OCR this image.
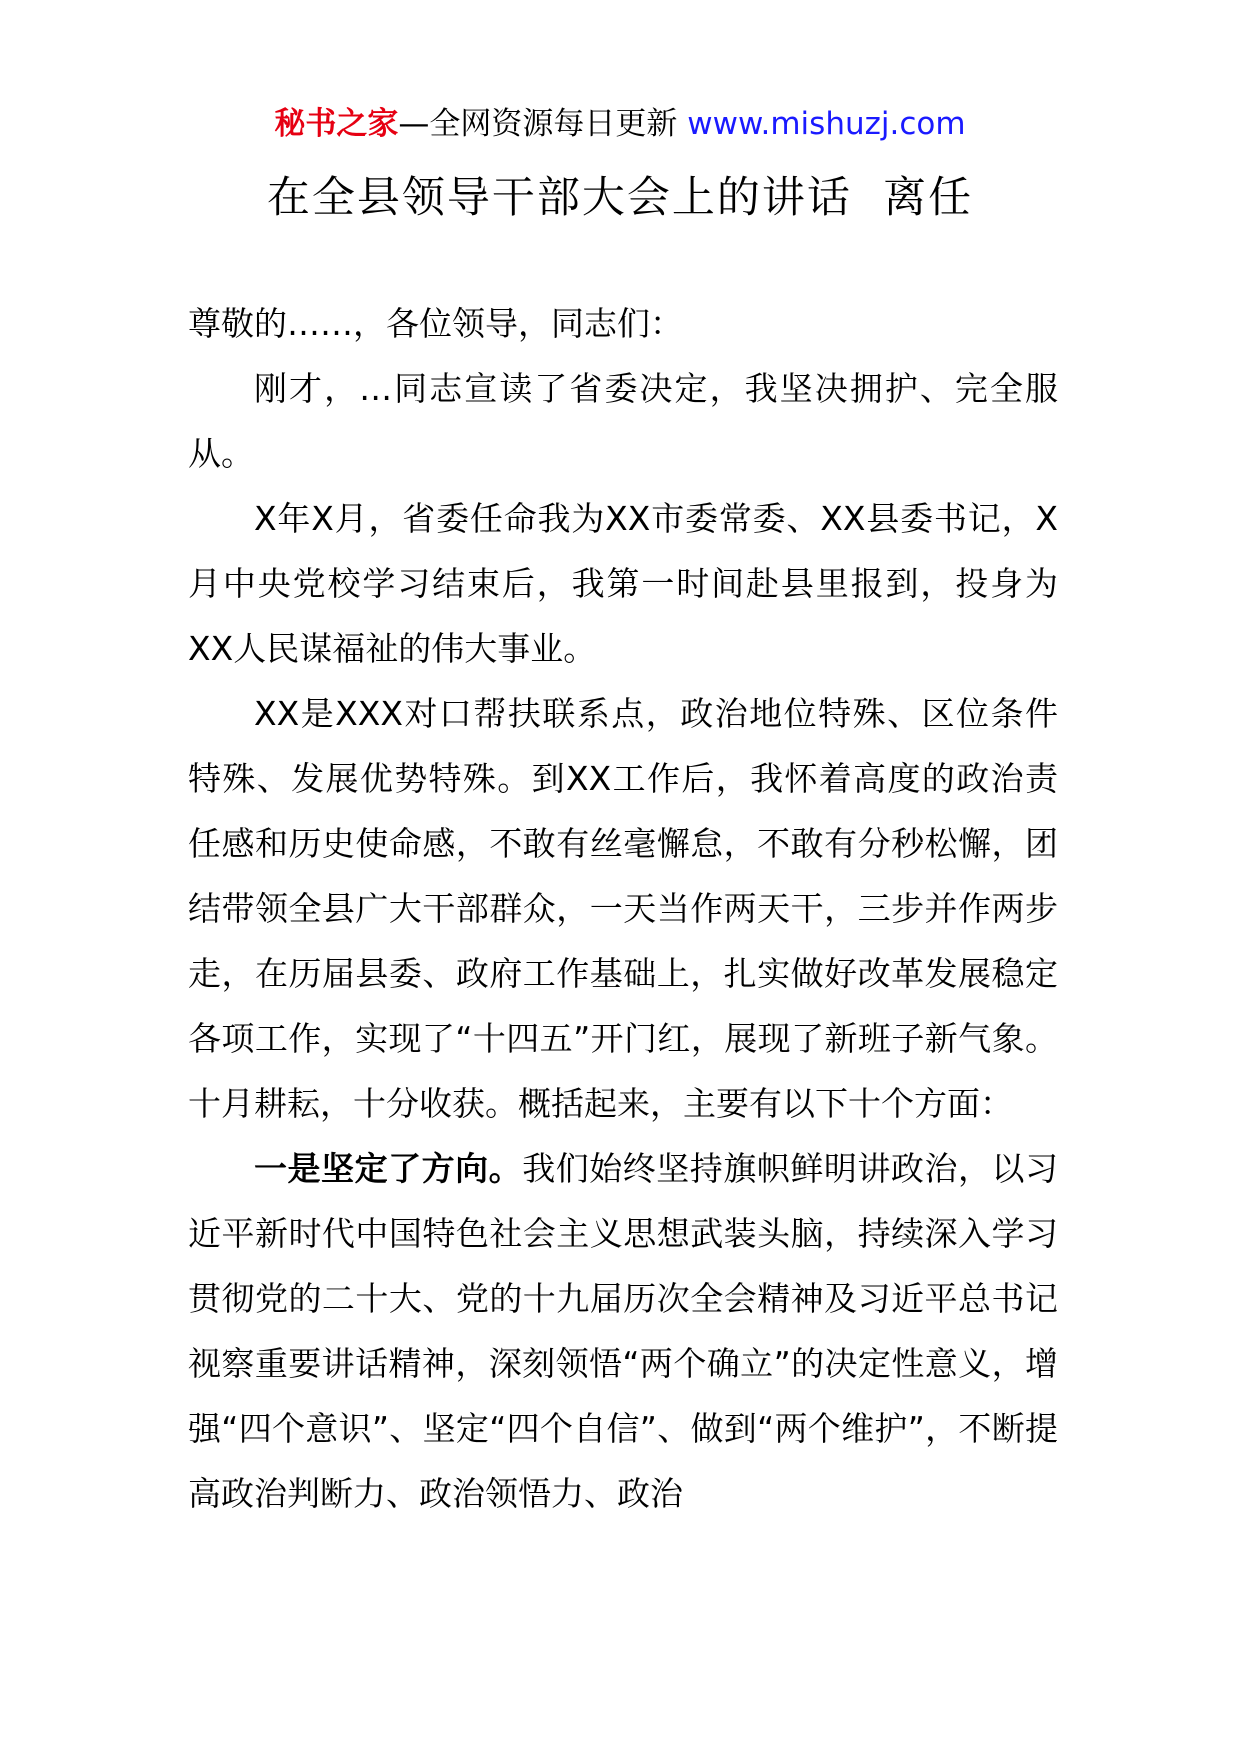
秘书之家—全网资源每日更新 www.mishuzj.com
在全县领导干部大会上的讲话  离任

尊敬的……，各位领导，同志们：

刚才，…同志宣读了省委决定，我坚决拥护、完全服从。

X年X月，省委任命我为XX市委常委、XX县委书记，X月中央党校学习结束后，我第一时间赴县里报到，投身为XX人民谋福祉的伟大事业。

XX是XXX对口帮扶联系点，政治地位特殊、区位条件特殊、发展优势特殊。到XX工作后，我怀着高度的政治责任感和历史使命感，不敢有丝毫懈怠，不敢有分秒松懈，团结带领全县广大干部群众，一天当作两天干，三步并作两步走，在历届县委、政府工作基础上，扎实做好改革发展稳定各项工作，实现了“十四五”开门红，展现了新班子新气象。十月耕耘，十分收获。概括起来，主要有以下十个方面：

一是坚定了方向。我们始终坚持旗帜鲜明讲政治，以习近平新时代中国特色社会主义思想武装头脑，持续深入学习贯彻党的二十大、党的十九届历次全会精神及习近平总书记视察重要讲话精神，深刻领悟“两个确立”的决定性意义，增强“四个意识”、坚定“四个自信”、做到“两个维护”，不断提高政治判断力、政治领悟力、政治
